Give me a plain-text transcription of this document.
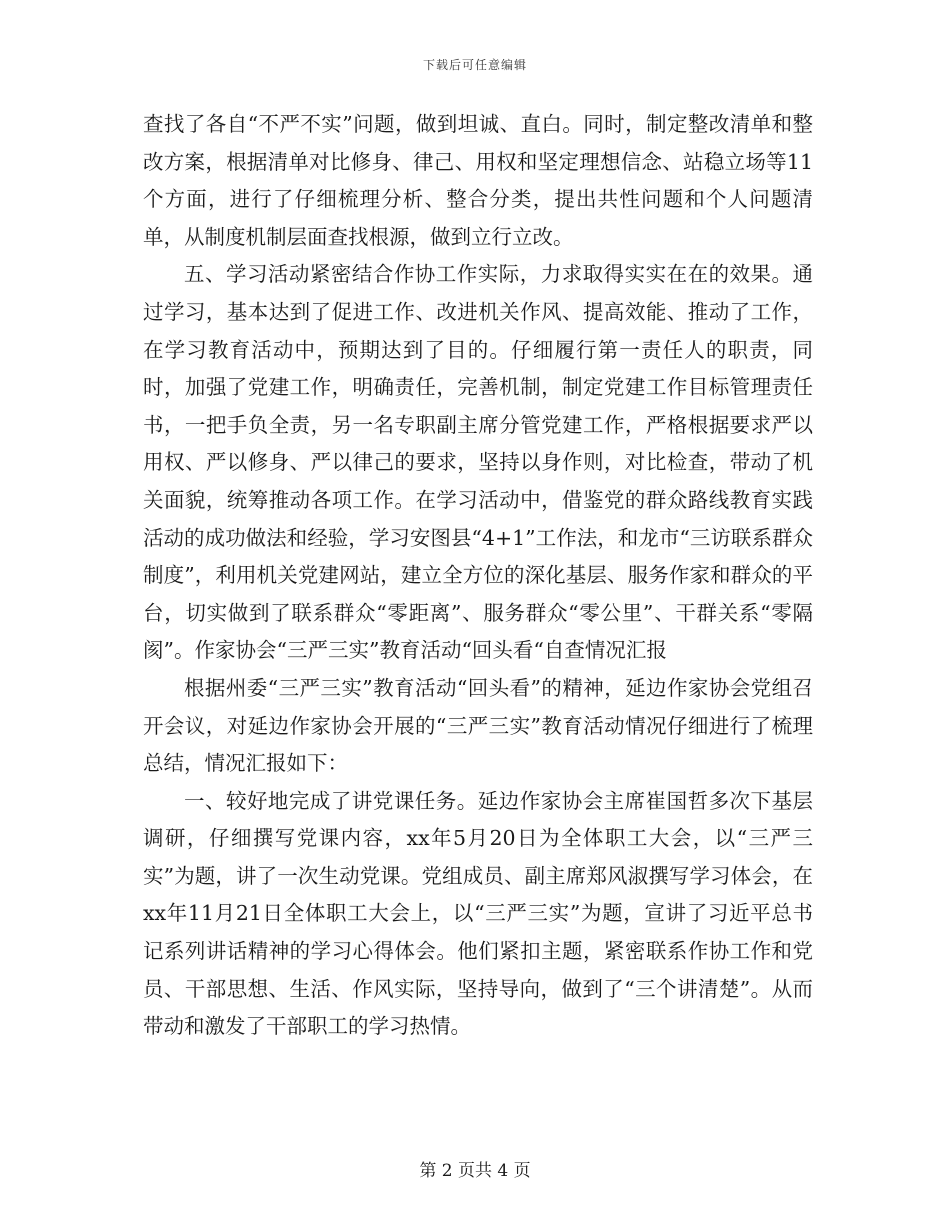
下载后可任意编辑

查找了各自“不严不实”问题，做到坦诚、直白。同时，制定整改清单和整改方案，根据清单对比修身、律己、用权和坚定理想信念、站稳立场等11个方面，进行了仔细梳理分析、整合分类，提出共性问题和个人问题清单，从制度机制层面查找根源，做到立行立改。

五、学习活动紧密结合作协工作实际，力求取得实实在在的效果。通过学习，基本达到了促进工作、改进机关作风、提高效能、推动了工作，在学习教育活动中，预期达到了目的。仔细履行第一责任人的职责，同时，加强了党建工作，明确责任，完善机制，制定党建工作目标管理责任书，一把手负全责，另一名专职副主席分管党建工作，严格根据要求严以用权、严以修身、严以律己的要求，坚持以身作则，对比检查，带动了机关面貌，统筹推动各项工作。在学习活动中，借鉴党的群众路线教育实践活动的成功做法和经验，学习安图县“4+1”工作法，和龙市“三访联系群众制度”，利用机关党建网站，建立全方位的深化基层、服务作家和群众的平台，切实做到了联系群众“零距离”、服务群众“零公里”、干群关系“零隔阂”。作家协会“三严三实”教育活动“回头看“自查情况汇报

根据州委“三严三实”教育活动“回头看”的精神，延边作家协会党组召开会议，对延边作家协会开展的“三严三实”教育活动情况仔细进行了梳理总结，情况汇报如下：

一、较好地完成了讲党课任务。延边作家协会主席崔国哲多次下基层调研，仔细撰写党课内容，xx年5月20日为全体职工大会，以“三严三实”为题，讲了一次生动党课。党组成员、副主席郑风淑撰写学习体会，在xx年11月21日全体职工大会上，以“三严三实”为题，宣讲了习近平总书记系列讲话精神的学习心得体会。他们紧扣主题，紧密联系作协工作和党员、干部思想、生活、作风实际，坚持导向，做到了“三个讲清楚”。从而带动和激发了干部职工的学习热情。

第 2 页共 4 页
